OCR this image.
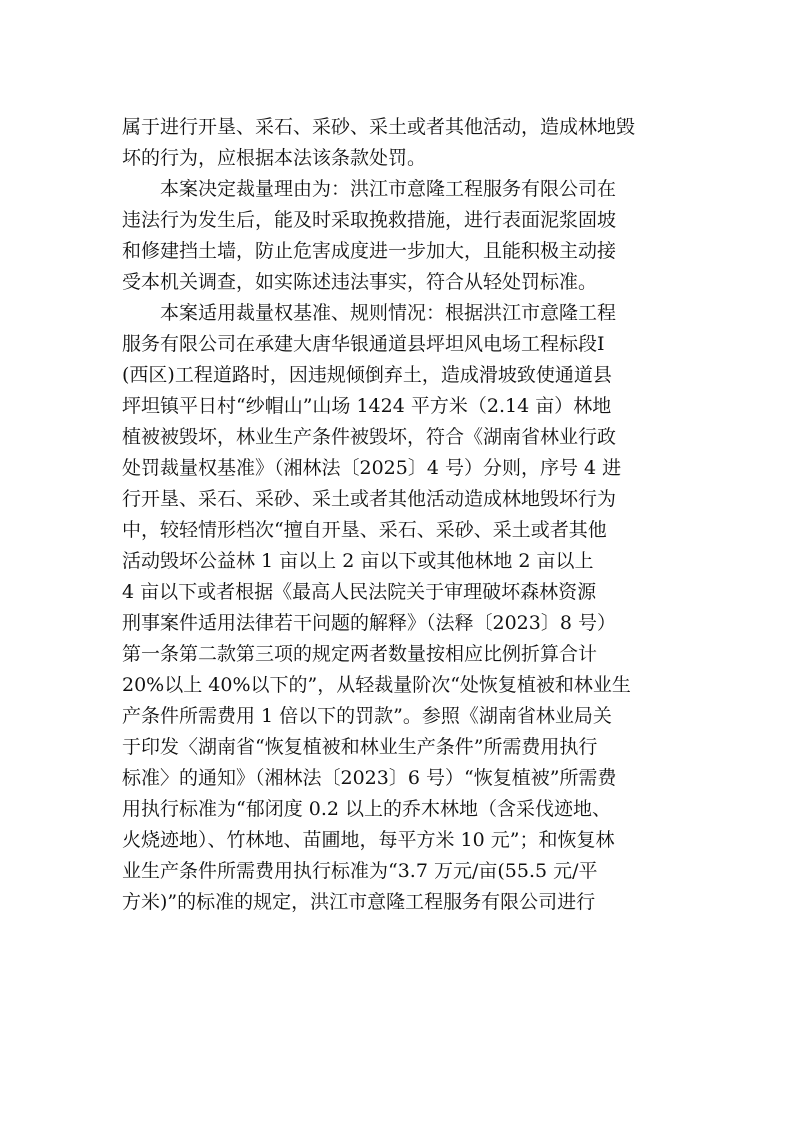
属于进行开垦、采石、采砂、采土或者其他活动，造成林地毁
坏的行为，应根据本法该条款处罚。
　　本案决定裁量理由为：洪江市意隆工程服务有限公司在
违法行为发生后，能及时采取挽救措施，进行表面泥浆固坡
和修建挡土墙，防止危害成度进一步加大，且能积极主动接
受本机关调查，如实陈述违法事实，符合从轻处罚标准。
　　本案适用裁量权基准、规则情况：根据洪江市意隆工程
服务有限公司在承建大唐华银通道县坪坦风电场工程标段Ⅰ
(西区)工程道路时，因违规倾倒弃土，造成滑坡致使通道县
坪坦镇平日村“纱帽山”山场 1424 平方米（2.14 亩）林地
植被被毁坏，林业生产条件被毁坏，符合《湖南省林业行政
处罚裁量权基准》（湘林法〔2025〕4 号）分则，序号 4 进
行开垦、采石、采砂、采土或者其他活动造成林地毁坏行为
中，较轻情形档次“擅自开垦、采石、采砂、采土或者其他
活动毁坏公益林 1 亩以上 2 亩以下或其他林地 2 亩以上
4 亩以下或者根据《最高人民法院关于审理破坏森林资源
刑事案件适用法律若干问题的解释》（法释〔2023〕8 号）
第一条第二款第三项的规定两者数量按相应比例折算合计
20%以上 40%以下的”，从轻裁量阶次“处恢复植被和林业生
产条件所需费用 1 倍以下的罚款”。参照《湖南省林业局关
于印发〈湖南省“恢复植被和林业生产条件”所需费用执行
标准〉的通知》（湘林法〔2023〕6 号）“恢复植被”所需费
用执行标准为“郁闭度 0.2 以上的乔木林地（含采伐迹地、
火烧迹地）、竹林地、苗圃地，每平方米 10 元”；和恢复林
业生产条件所需费用执行标准为“3.7 万元/亩(55.5 元/平
方米)”的标准的规定，洪江市意隆工程服务有限公司进行
